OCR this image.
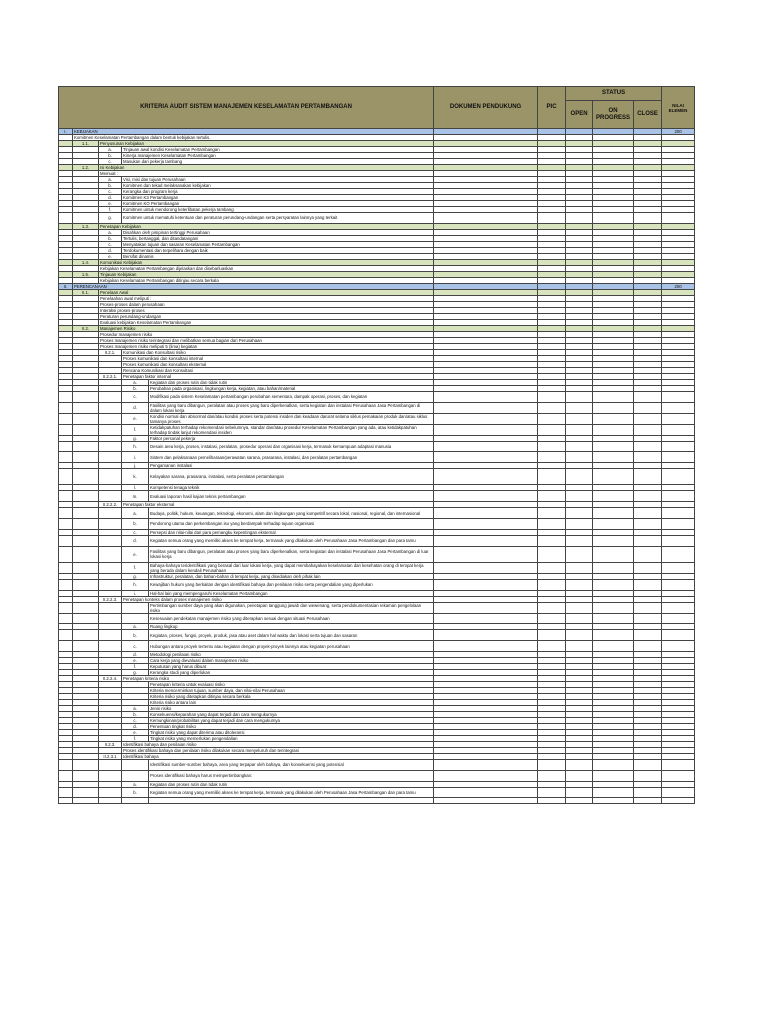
KRITERIA AUDIT SISTEM MANAJEMEN KESELAMATAN PERTAMBANGAN					DOKUMEN PENDUKUNG	PIC	STATUS			NILAI ELEMEN
							OPEN	ON PROGRESS	CLOSE	

I.	KEBIJAKAN									200
	Komitmen Keselamatan Pertambangan dalam bentuk kebijakan tertulis.									
	1.1.	Penyusunan Kebijakan								
		a.	Tinjauan awal kondisi Keselamatan Pertambangan							
		b.	Kinerja manajemen Keselamatan Pertambangan							
		c.	Masukan dari pekerja tambang							
	1.2.	Isi Kebijakan								
		Memuat :								
		a.	Visi, misi dan tujuan Perusahaan							
		b.	Komitmen dan tekad melaksanakan kebijakan							
		c.	Kerangka dan program kerja							
		d.	Komitmen K3 Pertambangan							
		e.	Komitmen KO Pertambangan							
		f.	Komitmen untuk mendorong keterlibatan pekerja tambang							
		g.	Komitmen untuk mematuhi ketentuan dan peraturan perundang-undangan serta persyaratan lainnya yang terkait							
	1.3.	Penetapan Kebijakan								
		a.	Disahkan oleh pimpinan tertinggi Perusahaan							
		b.	Tertulis, bertanggal, dan ditandatangani							
		c.	Menyatakan tujuan dan sasaran Keselamatan Pertambangan							
		d.	Terdokumentasi dan terpelihara dengan baik							
		e.	Bersifat dinamis							
	1.4.	Komunikasi Kebijakan								
		Kebijakan Keselamatan Pertambangan dijelaskan dan disebarluaskan								
	1.5.	Tinjauan Kebijakan								
		Kebijakan Keselamatan Pertambangan ditinjau secara berkala								
II.	PERENCANAAN									200
	II.1.	Penelaan Awal								
		Penelaahan awal meliputi :								
		Proses-proses dalam perusahaan								
		Interaksi proses-proses								
		Peraturan perundang-undangan								
		Evaluasi kebijakan Keselamatan Pertambangan								
	II.2.	Manajemen Risiko								
		Prosedur manajemen risiko								
		Proses manajemen risiko terintegrasi dan melibatkan semua bagian dari Perusahaan								
		Proses manajemen risiko meliputi 5 (lima) kegiatan								
		II.2.1.	Komunikasi dan Konsultasi risiko							
			Proses komunikasi dan konsultasi internal							
			Proses komunikasi dan konsultasi eksternal							
			Rencana Komunikasi dan Konsultasi							
		II.2.2.1.	Penetapan faktor internal							
			a.	Kegiatan dan proses rutin dan tidak rutin						
			b.	Perubahan pada organisasi, lingkungan kerja, kegiatan, atau bahan/material						
			c.	Modifikasi pada sistem Keselamatan pertambangan perubahan sementara, dampak operasi, proses, dan kegiatan						
			d.	Fasilitas yang baru dibangun, peralatan atau proses yang baru diperkenalkan, serta kegiatan dan instalasi Perusahaan Jasa Pertambangan di dalam lokasi kerja						
			e.	Kondisi normal dan abnormal dan/atau kondisi proses serta potensi insiden dan keadaan darurat selama siklus pemakaian produk dan/atau siklus tamanya proses						
			f.	Ketidakpatuhan terhadap rekomendasi sebelumnya, standar dan/atau prosedur Keselamatan Pertambangan yang ada, atau ketidakpatuhan terhadap tindak lanjut rekomendasi insiden						
			g.	Faktor personal pekerja						
			h.	Desain area kerja, proses, instalasi, peralatan, prosedur operasi dan organisasi kerja, termasuk kemampuan adaptasi manusia						
			i.	Sistem dan pelaksanaan pemeliharaan/perawatan sarana, prasarana, instalasi, dan peralatan pertambangan						
			j.	Pengamanan instalasi						
			k.	Kelayakan sarana, prasarana, instalasi, serta peralatan pertambangan						
			l.	Kompetensi tenaga teknik						
			m.	Evaluasi laporan hasil kajian teknis pertambangan						
		II.2.2.2.	Penetapan faktor eksternal							
			a.	Budaya, politik, hukum, keuangan, teknologi, ekonomi, alam dan lingkungan yang kompetitif secara lokal, nasional, regional, dan internasional						
			b.	Pendorong utama dan perkembangan isu yang berdampak terhadap tujuan organisasi						
			c.	Persepsi dan nilai-nilai dari para pemangku kepentingan eksternal						
			d.	Kegiatan semua orang yang memiliki akses ke tempat kerja, termasuk yang dilakukan oleh Perusahaan Jasa Pertambangan dan para tamu						
			e.	Fasilitas yang baru dibangun, peralatan atau proses yang baru diperkenalkan, serta kegiatan dan instalasi Perusahaan Jasa Pertambangan di luar lokasi kerja						
			f.	Bahaya-bahaya teridentifikasi yang berasal dari luar lokasi kerja, yang dapat membahayakan keselamatan dan kesehatan orang di tempat kerja yang berada dalam kendali Perusahaan						
			g.	Infrastruktur, peralatan, dan bahan-bahan di tempat kerja, yang disediakan oleh pihak lain						
			h.	Kewajiban hukum yang berkaitan dengan identifikasi bahaya dan penilaian risiko serta pengendalian yang diperlukan						
			i.	Hal-hal lain yang mempengaruhi Keselamatan Pertambangan						
		II.2.2.3.	Penetapan konteks dalam proses manajemen risiko							
				Pertimbangan sumber daya yang akan digunakan, penetapan tanggung jawab dan wewenang, serta pendokumentasian rekaman pengelolaan risiko						
				Kesesuaian pendekatan manajemen risiko yang diterapkan sesuai dengan situasi Perusahaan						
			a.	Ruang lingkup						
			b.	Kegiatan, proses, fungsi, proyek, produk, jasa atau aset dalam hal waktu dan lokasi serta tujuan dan sasaran						
			c.	Hubungan antara proyek tertentu atau kegiatan dengan proyek-proyek lainnya atau kegiatan perusahaan						
			d.	Metodologi penilaian risiko						
			e.	Cara kerja yang dievaluasi dalam manajemen risiko						
			f.	Keputusan yang harus dibuat						
			g.	Kerangka studi yang diperlukan						
		II.2.2.4.	Penetapan kriteria risiko							
				Penetapan kriteria untuk evaluasi risiko						
				Kriteria mencerminkan tujuan, sumber daya, dan nilai-nilai Perusahaan						
				Kriteria risiko yang ditetapkan ditinjau secara berkala						
				Kriteria risiko antara lain						
			a.	Jenis risiko						
			b.	Konsekuensi/keparahan yang dapat terjadi dan cara mengukurnya						
			c.	Kemungkinan/probabilitas yang dapat terjadi dan cara mengukurnya						
			d.	Penentuan tingkat risiko						
			e.	Tingkat risiko yang dapat diterima atau ditoleransi						
			f.	Tingkat risiko yang memerlukan pengendalian						
		II.2.3.	Identifikasi bahaya dan penilaian risiko							
			Proses identifikasi bahaya dan penilaian risiko dilakukan secara menyeluruh dan terintegrasi							
		II.2.3.1	Identifikasi bahaya							
				Identifikasi sumber-sumber bahaya, area yang terpapar oleh bahaya, dan konsekuensi yang potensial						
				Proses identifikasi bahaya harus mempertimbangkan:						
			a.	Kegiatan dan proses rutin dan tidak rutin						
			b.	Kegiatan semua orang yang memiliki akses ke tempat kerja, termasuk yang dilakukan oleh Perusahaan Jasa Pertambangan dan para tamu						
